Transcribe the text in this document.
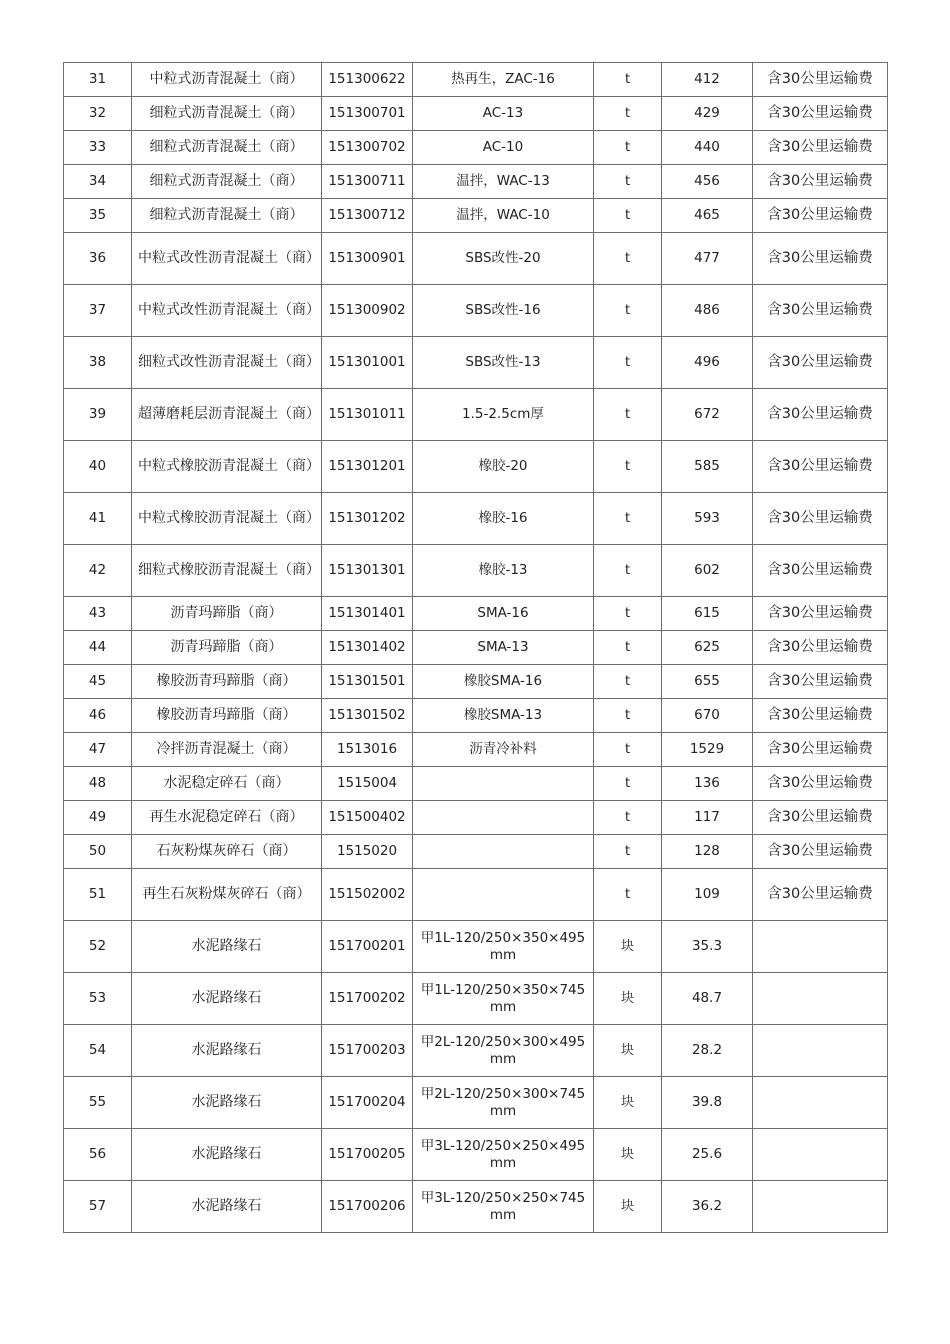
31	中粒式沥青混凝土（商）	151300622	热再生，ZAC-16	t	412	含30公里运输费
32	细粒式沥青混凝土（商）	151300701	AC-13	t	429	含30公里运输费
33	细粒式沥青混凝土（商）	151300702	AC-10	t	440	含30公里运输费
34	细粒式沥青混凝土（商）	151300711	温拌，WAC-13	t	456	含30公里运输费
35	细粒式沥青混凝土（商）	151300712	温拌，WAC-10	t	465	含30公里运输费
36	中粒式改性沥青混凝土（商）	151300901	SBS改性-20	t	477	含30公里运输费
37	中粒式改性沥青混凝土（商）	151300902	SBS改性-16	t	486	含30公里运输费
38	细粒式改性沥青混凝土（商）	151301001	SBS改性-13	t	496	含30公里运输费
39	超薄磨耗层沥青混凝土（商）	151301011	1.5-2.5cm厚	t	672	含30公里运输费
40	中粒式橡胶沥青混凝土（商）	151301201	橡胶-20	t	585	含30公里运输费
41	中粒式橡胶沥青混凝土（商）	151301202	橡胶-16	t	593	含30公里运输费
42	细粒式橡胶沥青混凝土（商）	151301301	橡胶-13	t	602	含30公里运输费
43	沥青玛蹄脂（商）	151301401	SMA-16	t	615	含30公里运输费
44	沥青玛蹄脂（商）	151301402	SMA-13	t	625	含30公里运输费
45	橡胶沥青玛蹄脂（商）	151301501	橡胶SMA-16	t	655	含30公里运输费
46	橡胶沥青玛蹄脂（商）	151301502	橡胶SMA-13	t	670	含30公里运输费
47	冷拌沥青混凝土（商）	1513016	沥青冷补料	t	1529	含30公里运输费
48	水泥稳定碎石（商）	1515004		t	136	含30公里运输费
49	再生水泥稳定碎石（商）	151500402		t	117	含30公里运输费
50	石灰粉煤灰碎石（商）	1515020		t	128	含30公里运输费
51	再生石灰粉煤灰碎石（商）	151502002		t	109	含30公里运输费
52	水泥路缘石	151700201	甲1L-120/250×350×495mm	块	35.3	
53	水泥路缘石	151700202	甲1L-120/250×350×745mm	块	48.7	
54	水泥路缘石	151700203	甲2L-120/250×300×495mm	块	28.2	
55	水泥路缘石	151700204	甲2L-120/250×300×745mm	块	39.8	
56	水泥路缘石	151700205	甲3L-120/250×250×495mm	块	25.6	
57	水泥路缘石	151700206	甲3L-120/250×250×745mm	块	36.2	
